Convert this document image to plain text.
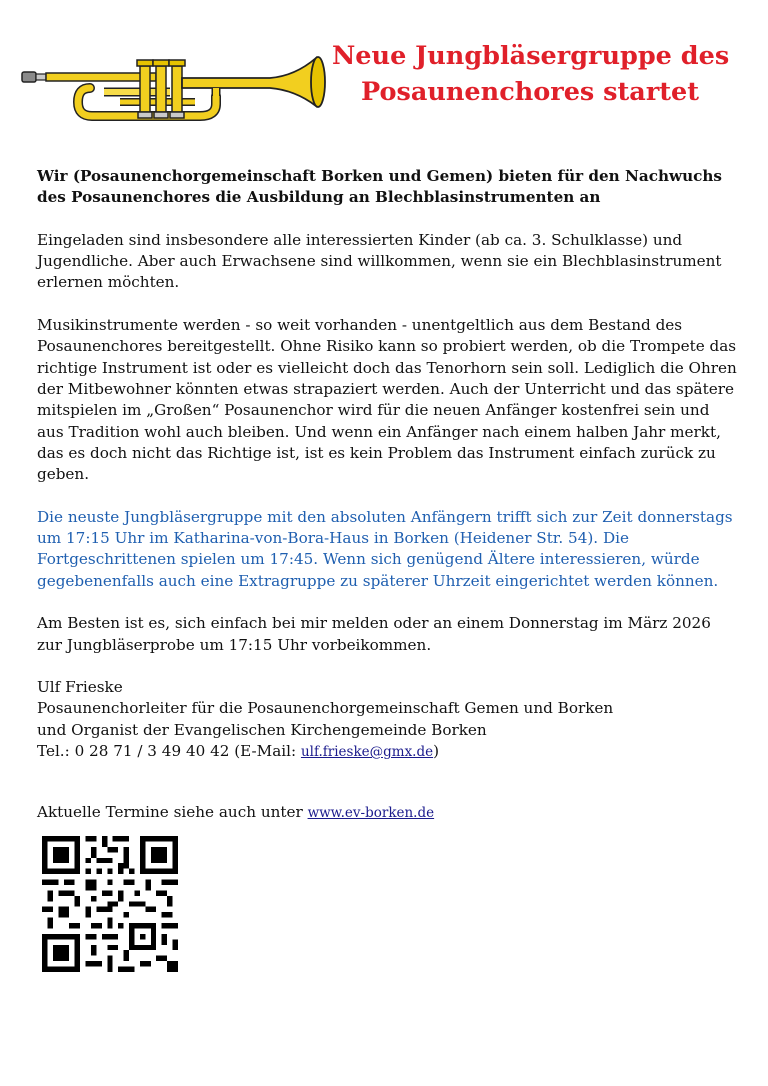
Neue Jungbläsergruppe des
Posaunenchores startet

Wir (Posaunenchorgemeinschaft Borken und Gemen) bieten für den Nachwuchs des Posaunenchores die Ausbildung an Blechblasinstrumenten an

Eingeladen sind insbesondere alle interessierten Kinder (ab ca. 3. Schulklasse) und Jugendliche. Aber auch Erwachsene sind willkommen, wenn sie ein Blechblasinstrument erlernen möchten.

Musikinstrumente werden - so weit vorhanden - unentgeltlich aus dem Bestand des Posaunenchores bereitgestellt. Ohne Risiko kann so probiert werden, ob die Trompete das richtige Instrument ist oder es vielleicht doch das Tenorhorn sein soll. Lediglich die Ohren der Mitbewohner könnten etwas strapaziert werden. Auch der Unterricht und das spätere mitspielen im „Großen“ Posaunenchor wird für die neuen Anfänger kostenfrei sein und aus Tradition wohl auch bleiben. Und wenn ein Anfänger nach einem halben Jahr merkt, das es doch nicht das Richtige ist, ist es kein Problem das Instrument einfach zurück zu geben.

Die neuste Jungbläsergruppe mit den absoluten Anfängern trifft sich zur Zeit donnerstags um 17:15 Uhr im Katharina-von-Bora-Haus in Borken (Heidener Str. 54). Die Fortgeschrittenen spielen um 17:45. Wenn sich genügend Ältere interessieren, würde gegebenenfalls auch eine Extragruppe zu späterer Uhrzeit eingerichtet werden können.

Am Besten ist es, sich einfach bei mir melden oder an einem Donnerstag im März 2026 zur Jungbläserprobe um 17:15 Uhr vorbeikommen.

Ulf Frieske

Posaunenchorleiter für die Posaunenchorgemeinschaft Gemen und Borken

und Organist der Evangelischen Kirchengemeinde Borken

Tel.: 0 28 71 / 3 49 40 42 (E-Mail: ulf.frieske@gmx.de)

Aktuelle Termine siehe auch unter www.ev-borken.de
